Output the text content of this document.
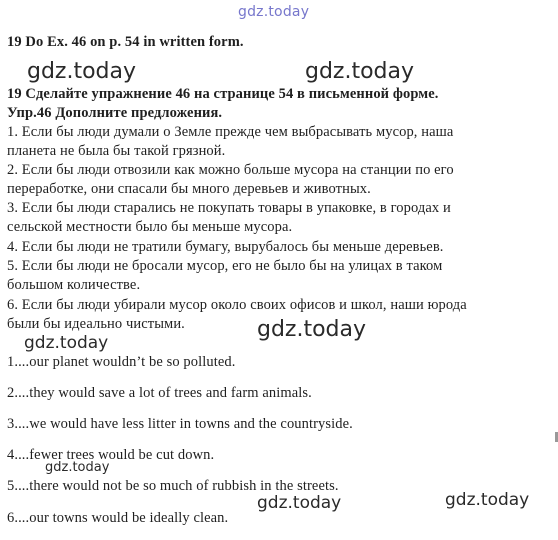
gdz.today
19 Do Ex. 46 on p. 54 in written form.
gdz.today	gdz.today
19 Сделайте упражнение 46 на странице 54 в письменной форме.
Упр.46 Дополните предложения.
1. Если бы люди думали о Земле прежде чем выбрасывать мусор, наша
планета не была бы такой грязной.
2. Если бы люди отвозили как можно больше мусора на станции по его
переработке, они спасали бы много деревьев и животных.
3. Если бы люди старались не покупать товары в упаковке, в городах и
сельской местности было бы меньше мусора.
4. Если бы люди не тратили бумагу, вырубалось бы меньше деревьев.
5. Если бы люди не бросали мусор, его не было бы на улицах в таком
большом количестве.
6. Если бы люди убирали мусор около своих офисов и школ, наши юрода
были бы идеально чистыми.	gdz.today
gdz.today
1....our planet wouldn’t be so polluted.
2....they would save a lot of trees and farm animals.
3....we would have less litter in towns and the countryside.
4....fewer trees would be cut down.
gdz.today
5....there would not be so much of rubbish in the streets.
gdz.today
gdz.today
6....our towns would be ideally clean.
